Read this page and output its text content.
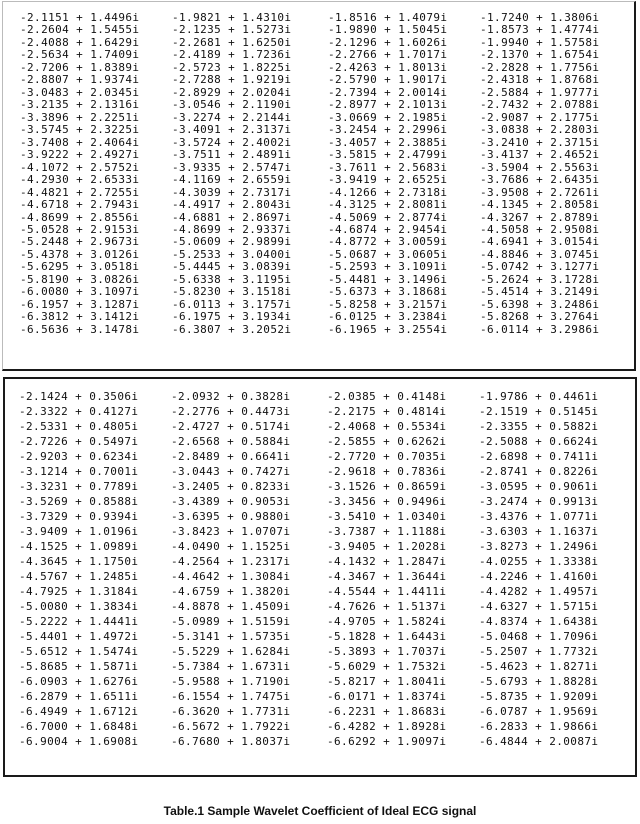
-2.1151 + 1.4496i	-1.9821 + 1.4310i	-1.8516 + 1.4079i	-1.7240 + 1.3806i
-2.2604 + 1.5455i	-2.1235 + 1.5273i	-1.9890 + 1.5045i	-1.8573 + 1.4774i
-2.4088 + 1.6429i	-2.2681 + 1.6250i	-2.1296 + 1.6026i	-1.9940 + 1.5758i
-2.5634 + 1.7409i	-2.4189 + 1.7236i	-2.2766 + 1.7017i	-2.1370 + 1.6754i
-2.7206 + 1.8389i	-2.5723 + 1.8225i	-2.4263 + 1.8013i	-2.2828 + 1.7756i
-2.8807 + 1.9374i	-2.7288 + 1.9219i	-2.5790 + 1.9017i	-2.4318 + 1.8768i
-3.0483 + 2.0345i	-2.8929 + 2.0204i	-2.7394 + 2.0014i	-2.5884 + 1.9777i
-3.2135 + 2.1316i	-3.0546 + 2.1190i	-2.8977 + 2.1013i	-2.7432 + 2.0788i
-3.3896 + 2.2251i	-3.2274 + 2.2144i	-3.0669 + 2.1985i	-2.9087 + 2.1775i
-3.5745 + 2.3225i	-3.4091 + 2.3137i	-3.2454 + 2.2996i	-3.0838 + 2.2803i
-3.7408 + 2.4064i	-3.5724 + 2.4002i	-3.4057 + 2.3885i	-3.2410 + 2.3715i
-3.9222 + 2.4927i	-3.7511 + 2.4891i	-3.5815 + 2.4799i	-3.4137 + 2.4652i
-4.1072 + 2.5752i	-3.9335 + 2.5747i	-3.7611 + 2.5683i	-3.5904 + 2.5563i
-4.2930 + 2.6533i	-4.1169 + 2.6559i	-3.9419 + 2.6525i	-3.7686 + 2.6435i
-4.4821 + 2.7255i	-4.3039 + 2.7317i	-4.1266 + 2.7318i	-3.9508 + 2.7261i
-4.6718 + 2.7943i	-4.4917 + 2.8043i	-4.3125 + 2.8081i	-4.1345 + 2.8058i
-4.8699 + 2.8556i	-4.6881 + 2.8697i	-4.5069 + 2.8774i	-4.3267 + 2.8789i
-5.0528 + 2.9153i	-4.8699 + 2.9337i	-4.6874 + 2.9454i	-4.5058 + 2.9508i
-5.2448 + 2.9673i	-5.0609 + 2.9899i	-4.8772 + 3.0059i	-4.6941 + 3.0154i
-5.4378 + 3.0126i	-5.2533 + 3.0400i	-5.0687 + 3.0605i	-4.8846 + 3.0745i
-5.6295 + 3.0518i	-5.4445 + 3.0839i	-5.2593 + 3.1091i	-5.0742 + 3.1277i
-5.8190 + 3.0826i	-5.6338 + 3.1195i	-5.4481 + 3.1496i	-5.2624 + 3.1728i
-6.0080 + 3.1097i	-5.8230 + 3.1518i	-5.6373 + 3.1868i	-5.4514 + 3.2149i
-6.1957 + 3.1287i	-6.0113 + 3.1757i	-5.8258 + 3.2157i	-5.6398 + 3.2486i
-6.3812 + 3.1412i	-6.1975 + 3.1934i	-6.0125 + 3.2384i	-5.8268 + 3.2764i
-6.5636 + 3.1478i	-6.3807 + 3.2052i	-6.1965 + 3.2554i	-6.0114 + 3.2986i
-2.1424 + 0.3506i	-2.0932 + 0.3828i	-2.0385 + 0.4148i	-1.9786 + 0.4461i
-2.3322 + 0.4127i	-2.2776 + 0.4473i	-2.2175 + 0.4814i	-2.1519 + 0.5145i
-2.5331 + 0.4805i	-2.4727 + 0.5174i	-2.4068 + 0.5534i	-2.3355 + 0.5882i
-2.7226 + 0.5497i	-2.6568 + 0.5884i	-2.5855 + 0.6262i	-2.5088 + 0.6624i
-2.9203 + 0.6234i	-2.8489 + 0.6641i	-2.7720 + 0.7035i	-2.6898 + 0.7411i
-3.1214 + 0.7001i	-3.0443 + 0.7427i	-2.9618 + 0.7836i	-2.8741 + 0.8226i
-3.3231 + 0.7789i	-3.2405 + 0.8233i	-3.1526 + 0.8659i	-3.0595 + 0.9061i
-3.5269 + 0.8588i	-3.4389 + 0.9053i	-3.3456 + 0.9496i	-3.2474 + 0.9913i
-3.7329 + 0.9394i	-3.6395 + 0.9880i	-3.5410 + 1.0340i	-3.4376 + 1.0771i
-3.9409 + 1.0196i	-3.8423 + 1.0707i	-3.7387 + 1.1188i	-3.6303 + 1.1637i
-4.1525 + 1.0989i	-4.0490 + 1.1525i	-3.9405 + 1.2028i	-3.8273 + 1.2496i
-4.3645 + 1.1750i	-4.2564 + 1.2317i	-4.1432 + 1.2847i	-4.0255 + 1.3338i
-4.5767 + 1.2485i	-4.4642 + 1.3084i	-4.3467 + 1.3644i	-4.2246 + 1.4160i
-4.7925 + 1.3184i	-4.6759 + 1.3820i	-4.5544 + 1.4411i	-4.4282 + 1.4957i
-5.0080 + 1.3834i	-4.8878 + 1.4509i	-4.7626 + 1.5137i	-4.6327 + 1.5715i
-5.2222 + 1.4441i	-5.0989 + 1.5159i	-4.9705 + 1.5824i	-4.8374 + 1.6438i
-5.4401 + 1.4972i	-5.3141 + 1.5735i	-5.1828 + 1.6443i	-5.0468 + 1.7096i
-5.6512 + 1.5474i	-5.5229 + 1.6284i	-5.3893 + 1.7037i	-5.2507 + 1.7732i
-5.8685 + 1.5871i	-5.7384 + 1.6731i	-5.6029 + 1.7532i	-5.4623 + 1.8271i
-6.0903 + 1.6276i	-5.9588 + 1.7190i	-5.8217 + 1.8041i	-5.6793 + 1.8828i
-6.2879 + 1.6511i	-6.1554 + 1.7475i	-6.0171 + 1.8374i	-5.8735 + 1.9209i
-6.4949 + 1.6712i	-6.3620 + 1.7731i	-6.2231 + 1.8683i	-6.0787 + 1.9569i
-6.7000 + 1.6848i	-6.5672 + 1.7922i	-6.4282 + 1.8928i	-6.2833 + 1.9866i
-6.9004 + 1.6908i	-6.7680 + 1.8037i	-6.6292 + 1.9097i	-6.4844 + 2.0087i
Table.1 Sample Wavelet Coefficient of Ideal ECG signal
